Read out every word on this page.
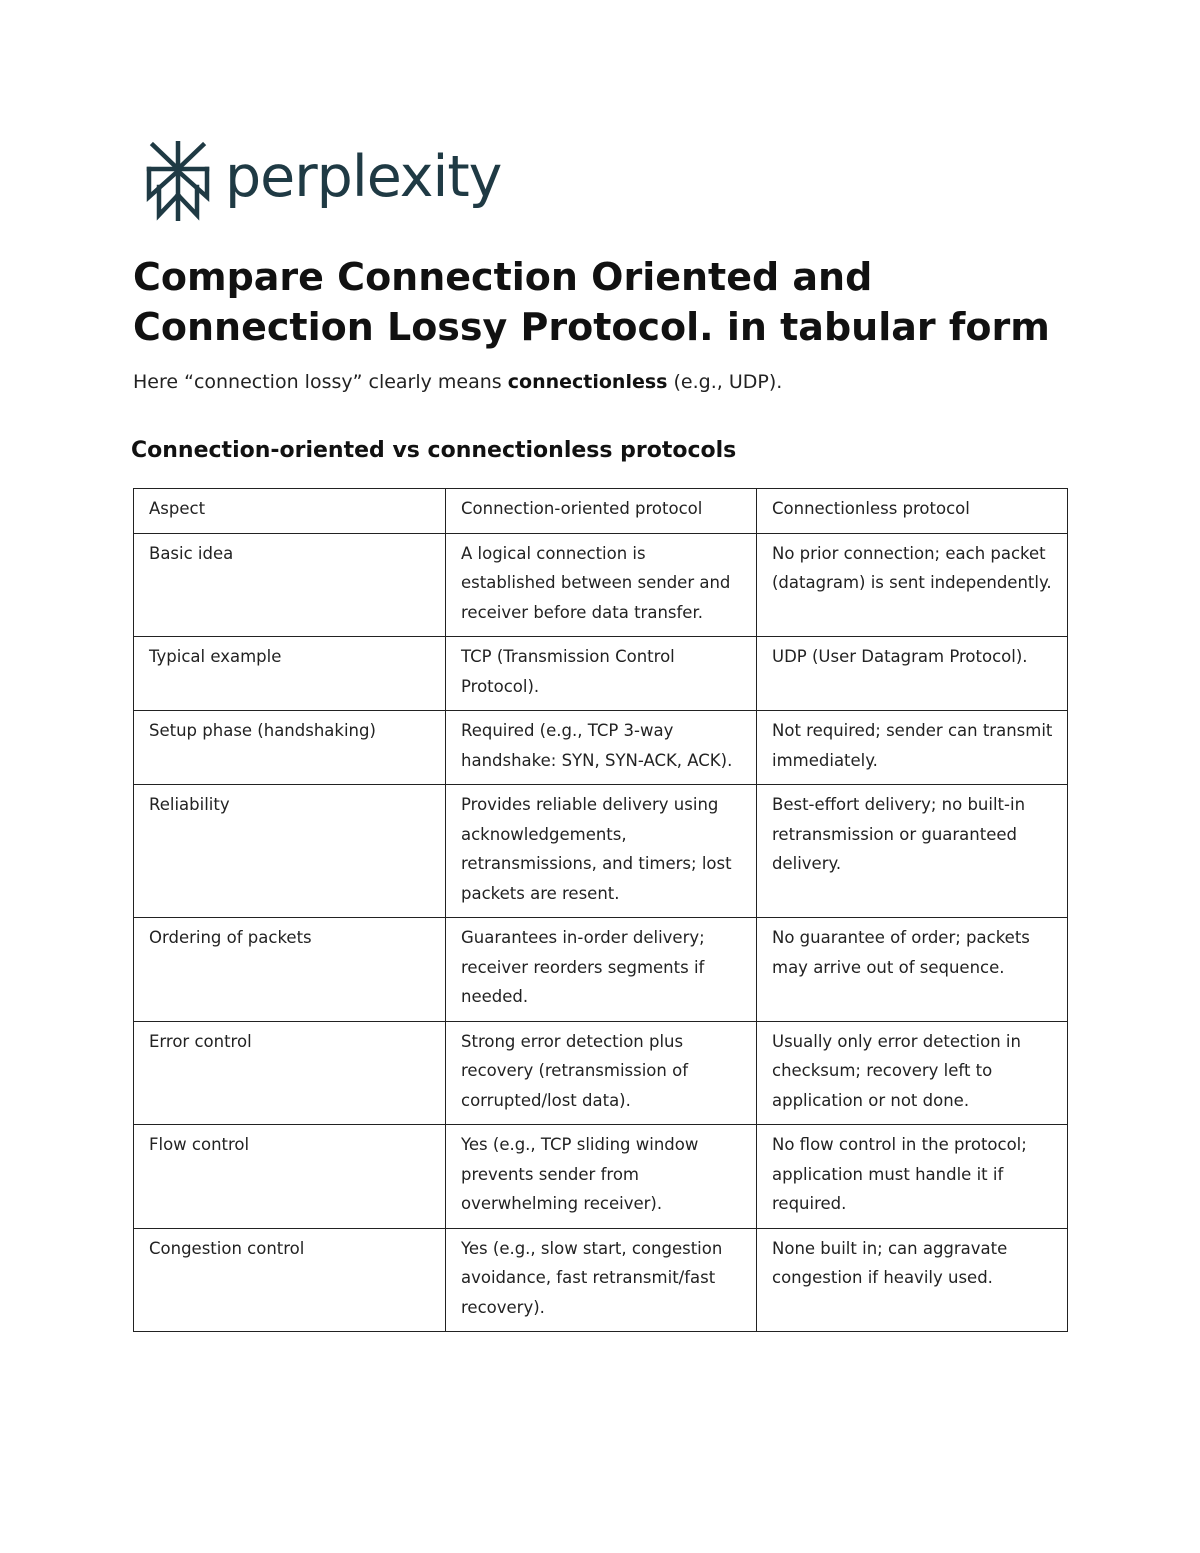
perplexity
Compare Connection Oriented and Connection Lossy Protocol. in tabular form

Here “connection lossy” clearly means connectionless (e.g., UDP).

Connection-oriented vs connectionless protocols
Aspect	Connection-oriented protocol	Connectionless protocol
Basic idea	A logical connection is established between sender and receiver before data transfer.	No prior connection; each packet (datagram) is sent independently.
Typical example	TCP (Transmission Control Protocol).	UDP (User Datagram Protocol).
Setup phase (handshaking)	Required (e.g., TCP 3-way handshake: SYN, SYN-ACK, ACK).	Not required; sender can transmit immediately.
Reliability	Provides reliable delivery using acknowledgements, retransmissions, and timers; lost packets are resent.	Best-effort delivery; no built-in retransmission or guaranteed delivery.
Ordering of packets	Guarantees in-order delivery; receiver reorders segments if needed.	No guarantee of order; packets may arrive out of sequence.
Error control	Strong error detection plus recovery (retransmission of corrupted/lost data).	Usually only error detection in checksum; recovery left to application or not done.
Flow control	Yes (e.g., TCP sliding window prevents sender from overwhelming receiver).	No flow control in the protocol; application must handle it if required.
Congestion control	Yes (e.g., slow start, congestion avoidance, fast retransmit/fast recovery).	None built in; can aggravate congestion if heavily used.
